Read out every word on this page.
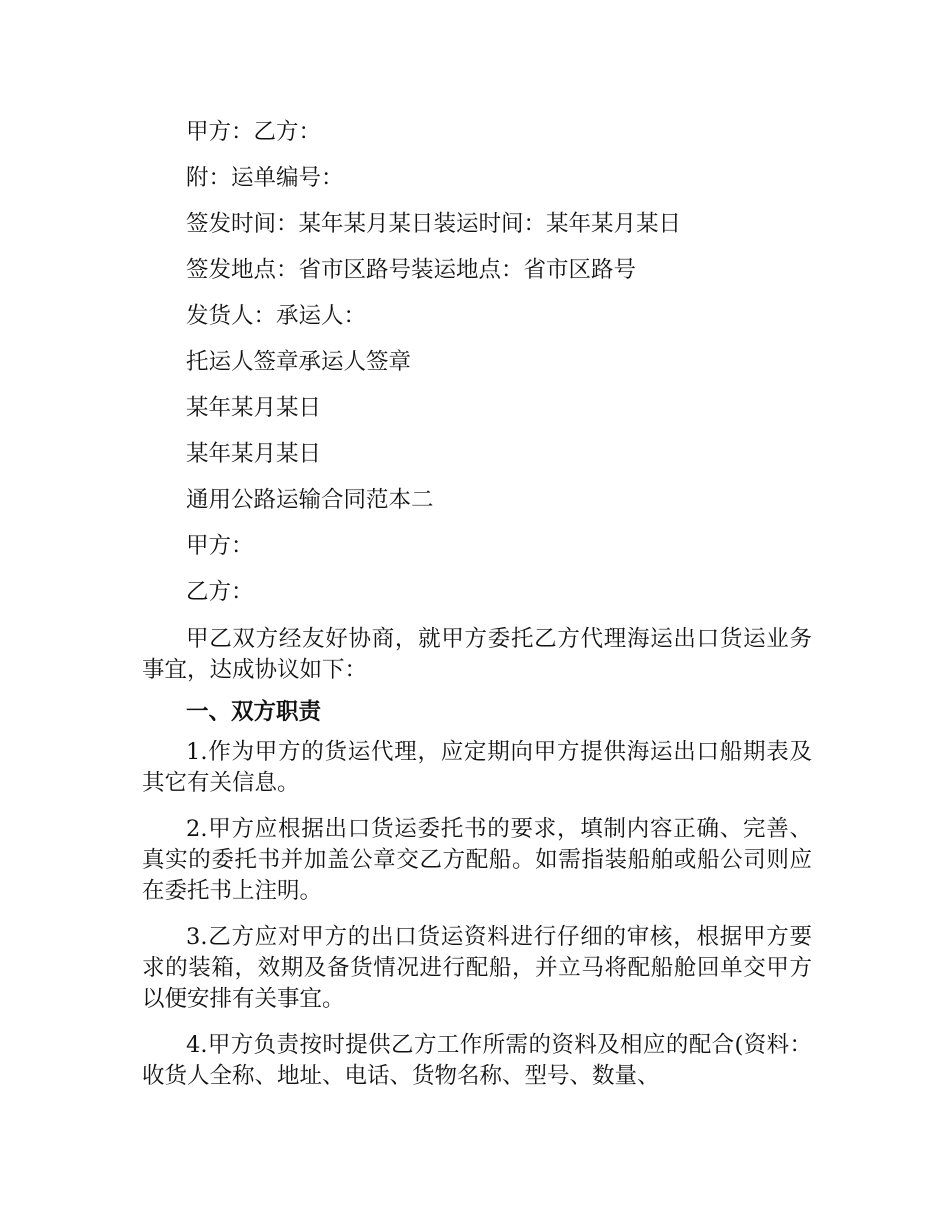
甲方：乙方：
附：运单编号：
签发时间：某年某月某日装运时间：某年某月某日
签发地点：省市区路号装运地点：省市区路号
发货人：承运人：
托运人签章承运人签章
某年某月某日
某年某月某日
通用公路运输合同范本二
甲方：
乙方：
甲乙双方经友好协商，就甲方委托乙方代理海运出口货运业务事宜，达成协议如下：
一、双方职责
1.作为甲方的货运代理，应定期向甲方提供海运出口船期表及其它有关信息。
2.甲方应根据出口货运委托书的要求，填制内容正确、完善、真实的委托书并加盖公章交乙方配船。如需指装船舶或船公司则应在委托书上注明。
3.乙方应对甲方的出口货运资料进行仔细的审核，根据甲方要求的装箱，效期及备货情况进行配船，并立马将配船舱回单交甲方以便安排有关事宜。
4.甲方负责按时提供乙方工作所需的资料及相应的配合(资料：收货人全称、地址、电话、货物名称、型号、数量、
